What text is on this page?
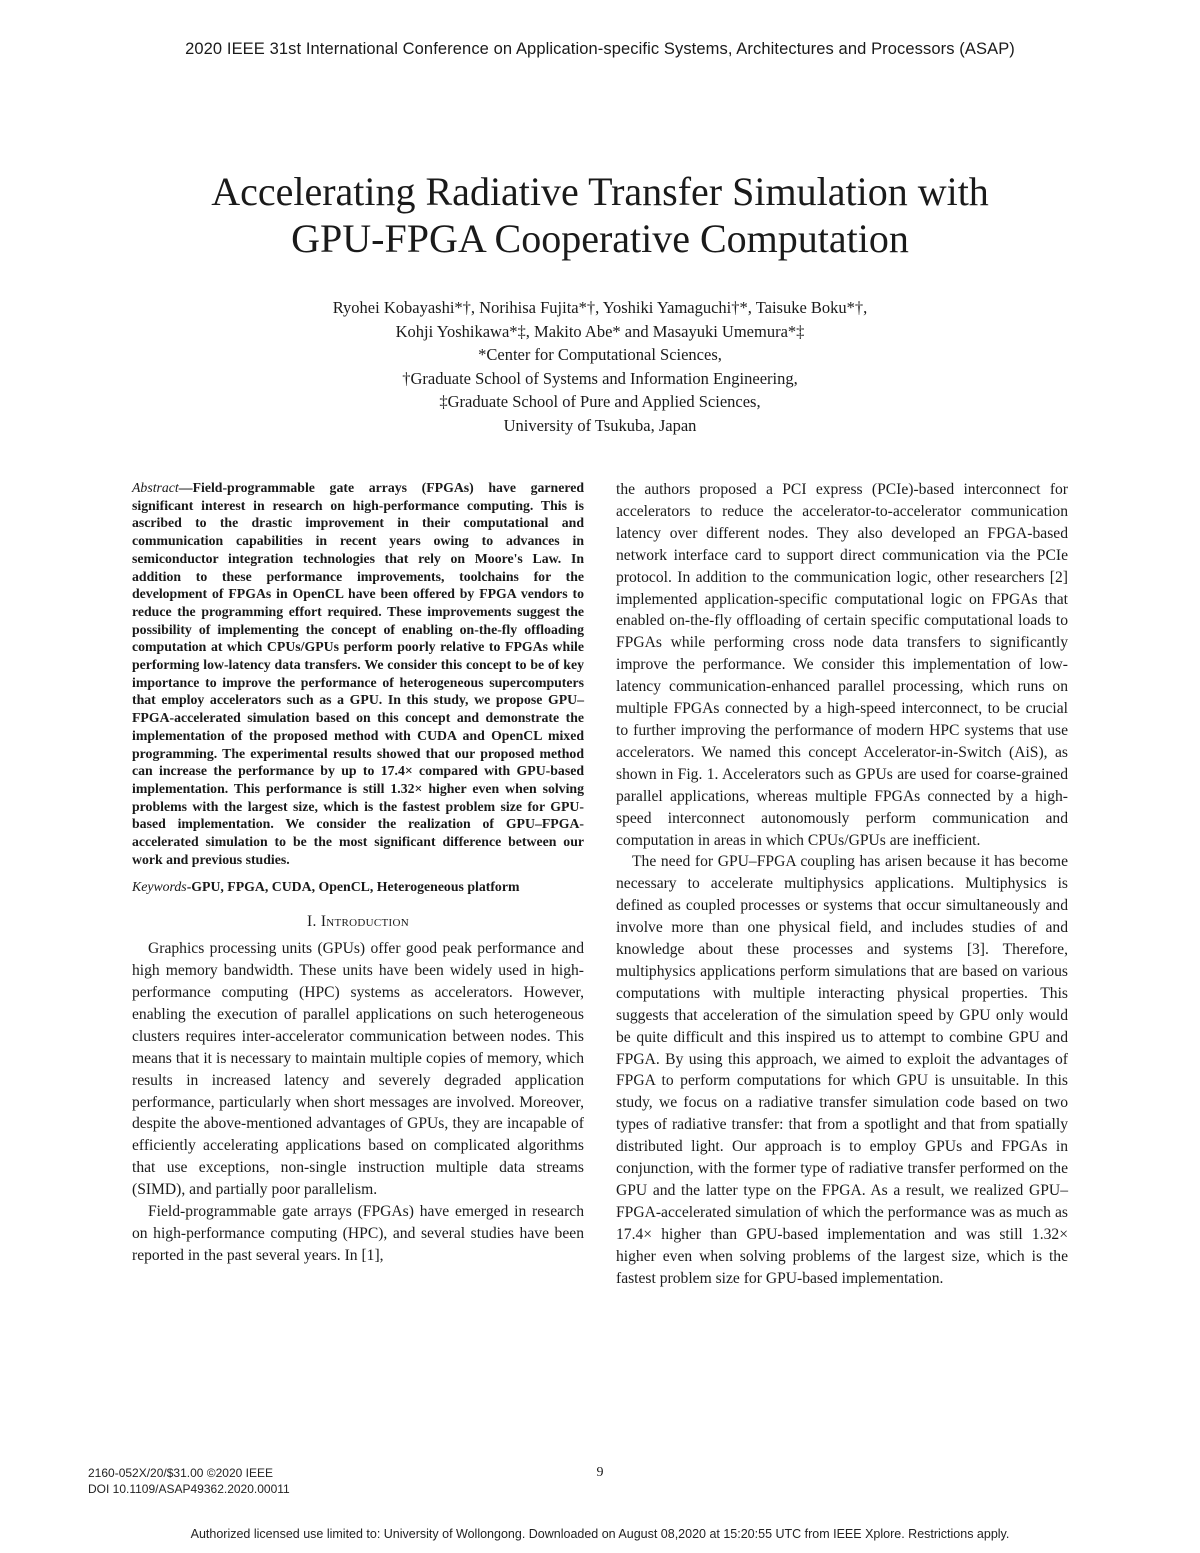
2020 IEEE 31st International Conference on Application-specific Systems, Architectures and Processors (ASAP)
Accelerating Radiative Transfer Simulation with
GPU-FPGA Cooperative Computation
Ryohei Kobayashi*†, Norihisa Fujita*†, Yoshiki Yamaguchi†*, Taisuke Boku*†,
Kohji Yoshikawa*‡, Makito Abe* and Masayuki Umemura*‡
*Center for Computational Sciences,
†Graduate School of Systems and Information Engineering,
‡Graduate School of Pure and Applied Sciences,
University of Tsukuba, Japan

Abstract—Field-programmable gate arrays (FPGAs) have garnered significant interest in research on high-performance computing. This is ascribed to the drastic improvement in their computational and communication capabilities in recent years owing to advances in semiconductor integration technologies that rely on Moore's Law. In addition to these performance improvements, toolchains for the development of FPGAs in OpenCL have been offered by FPGA vendors to reduce the programming effort required. These improvements suggest the possibility of implementing the concept of enabling on-the-fly offloading computation at which CPUs/GPUs perform poorly relative to FPGAs while performing low-latency data transfers. We consider this concept to be of key importance to improve the performance of heterogeneous supercomputers that employ accelerators such as a GPU. In this study, we propose GPU–FPGA-accelerated simulation based on this concept and demonstrate the implementation of the proposed method with CUDA and OpenCL mixed programming. The experimental results showed that our proposed method can increase the performance by up to 17.4× compared with GPU-based implementation. This performance is still 1.32× higher even when solving problems with the largest size, which is the fastest problem size for GPU-based implementation. We consider the realization of GPU–FPGA-accelerated simulation to be the most significant difference between our work and previous studies.

Keywords-GPU, FPGA, CUDA, OpenCL, Heterogeneous platform

I. Introduction

Graphics processing units (GPUs) offer good peak performance and high memory bandwidth. These units have been widely used in high-performance computing (HPC) systems as accelerators. However, enabling the execution of parallel applications on such heterogeneous clusters requires inter-accelerator communication between nodes. This means that it is necessary to maintain multiple copies of memory, which results in increased latency and severely degraded application performance, particularly when short messages are involved. Moreover, despite the above-mentioned advantages of GPUs, they are incapable of efficiently accelerating applications based on complicated algorithms that use exceptions, non-single instruction multiple data streams (SIMD), and partially poor parallelism.

Field-programmable gate arrays (FPGAs) have emerged in research on high-performance computing (HPC), and several studies have been reported in the past several years. In [1],

the authors proposed a PCI express (PCIe)-based interconnect for accelerators to reduce the accelerator-to-accelerator communication latency over different nodes. They also developed an FPGA-based network interface card to support direct communication via the PCIe protocol. In addition to the communication logic, other researchers [2] implemented application-specific computational logic on FPGAs that enabled on-the-fly offloading of certain specific computational loads to FPGAs while performing cross node data transfers to significantly improve the performance. We consider this implementation of low-latency communication-enhanced parallel processing, which runs on multiple FPGAs connected by a high-speed interconnect, to be crucial to further improving the performance of modern HPC systems that use accelerators. We named this concept Accelerator-in-Switch (AiS), as shown in Fig. 1. Accelerators such as GPUs are used for coarse-grained parallel applications, whereas multiple FPGAs connected by a high-speed interconnect autonomously perform communication and computation in areas in which CPUs/GPUs are inefficient.

The need for GPU–FPGA coupling has arisen because it has become necessary to accelerate multiphysics applications. Multiphysics is defined as coupled processes or systems that occur simultaneously and involve more than one physical field, and includes studies of and knowledge about these processes and systems [3]. Therefore, multiphysics applications perform simulations that are based on various computations with multiple interacting physical properties. This suggests that acceleration of the simulation speed by GPU only would be quite difficult and this inspired us to attempt to combine GPU and FPGA. By using this approach, we aimed to exploit the advantages of FPGA to perform computations for which GPU is unsuitable. In this study, we focus on a radiative transfer simulation code based on two types of radiative transfer: that from a spotlight and that from spatially distributed light. Our approach is to employ GPUs and FPGAs in conjunction, with the former type of radiative transfer performed on the GPU and the latter type on the FPGA. As a result, we realized GPU–FPGA-accelerated simulation of which the performance was as much as 17.4× higher than GPU-based implementation and was still 1.32× higher even when solving problems of the largest size, which is the fastest problem size for GPU-based implementation.

2160-052X/20/$31.00 ©2020 IEEE
DOI 10.1109/ASAP49362.2020.00011
9
Authorized licensed use limited to: University of Wollongong. Downloaded on August 08,2020 at 15:20:55 UTC from IEEE Xplore. Restrictions apply.
